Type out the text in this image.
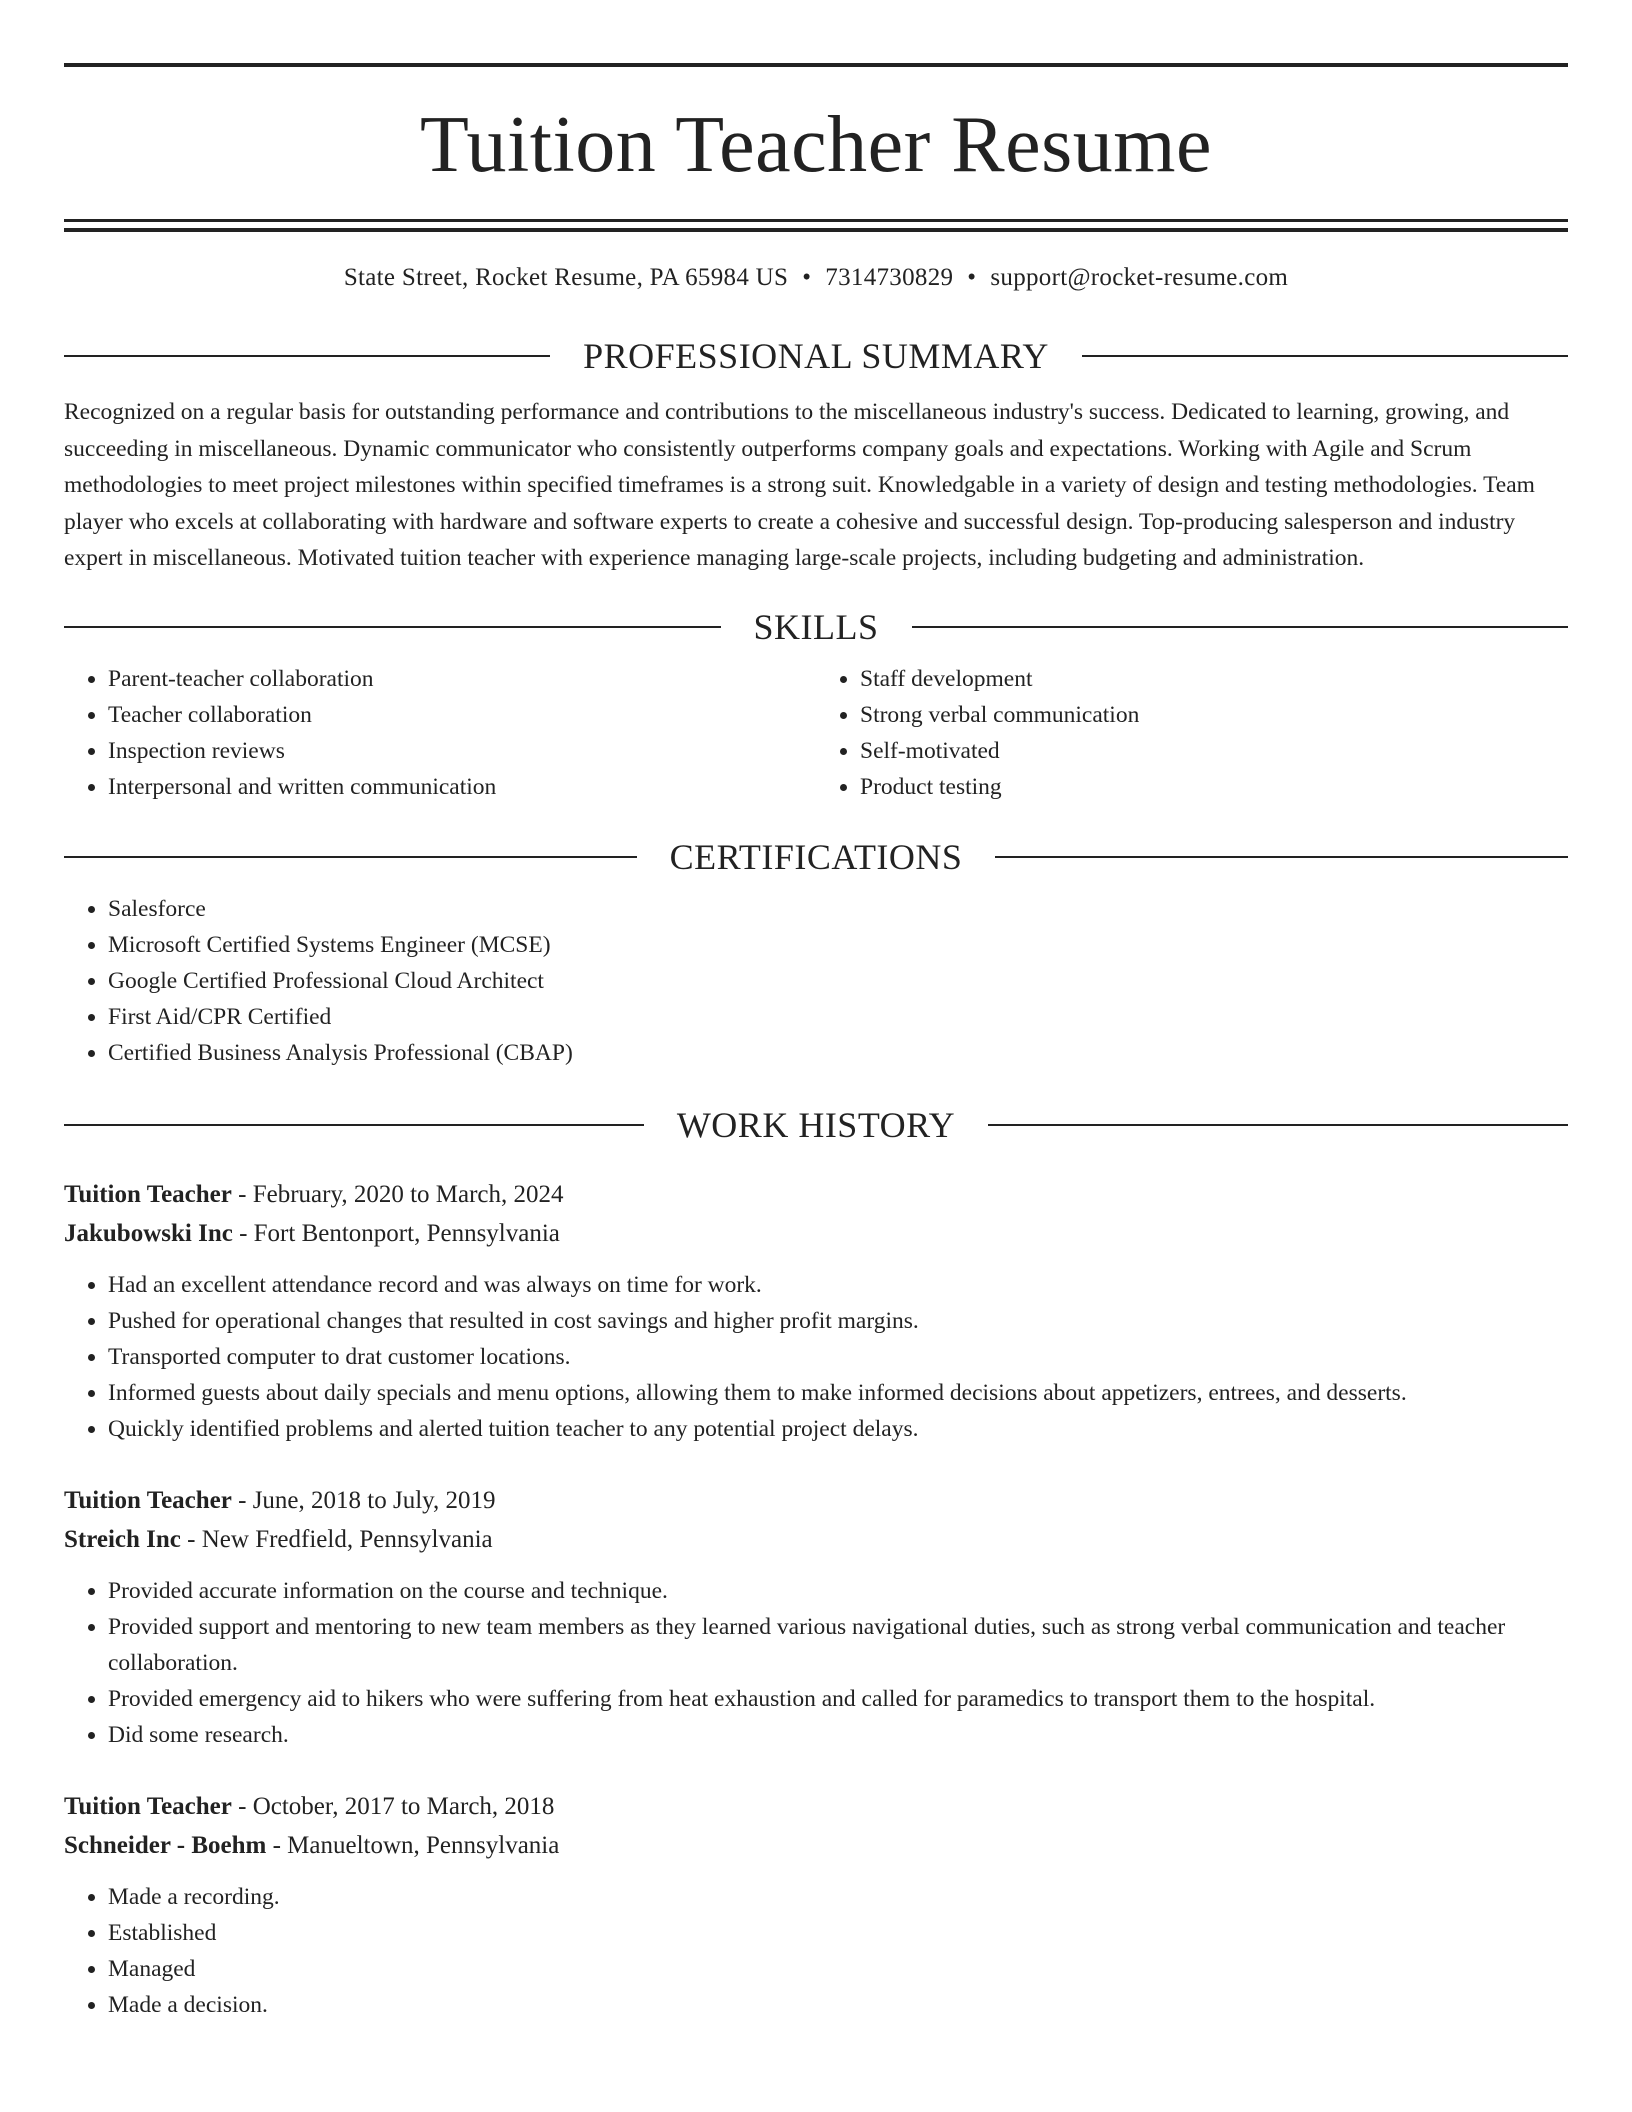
Tuition Teacher Resume
State Street, Rocket Resume, PA 65984 US • 7314730829 • support@rocket-resume.com
PROFESSIONAL SUMMARY
Recognized on a regular basis for outstanding performance and contributions to the miscellaneous industry's success. Dedicated to learning, growing, and succeeding in miscellaneous. Dynamic communicator who consistently outperforms company goals and expectations. Working with Agile and Scrum methodologies to meet project milestones within specified timeframes is a strong suit. Knowledgable in a variety of design and testing methodologies. Team player who excels at collaborating with hardware and software experts to create a cohesive and successful design. Top-producing salesperson and industry expert in miscellaneous. Motivated tuition teacher with experience managing large-scale projects, including budgeting and administration.
SKILLS
• Parent-teacher collaboration
• Teacher collaboration
• Inspection reviews
• Interpersonal and written communication
• Staff development
• Strong verbal communication
• Self-motivated
• Product testing
CERTIFICATIONS
• Salesforce
• Microsoft Certified Systems Engineer (MCSE)
• Google Certified Professional Cloud Architect
• First Aid/CPR Certified
• Certified Business Analysis Professional (CBAP)
WORK HISTORY
Tuition Teacher - February, 2020 to March, 2024
Jakubowski Inc - Fort Bentonport, Pennsylvania
• Had an excellent attendance record and was always on time for work.
• Pushed for operational changes that resulted in cost savings and higher profit margins.
• Transported computer to drat customer locations.
• Informed guests about daily specials and menu options, allowing them to make informed decisions about appetizers, entrees, and desserts.
• Quickly identified problems and alerted tuition teacher to any potential project delays.
Tuition Teacher - June, 2018 to July, 2019
Streich Inc - New Fredfield, Pennsylvania
• Provided accurate information on the course and technique.
• Provided support and mentoring to new team members as they learned various navigational duties, such as strong verbal communication and teacher collaboration.
• Provided emergency aid to hikers who were suffering from heat exhaustion and called for paramedics to transport them to the hospital.
• Did some research.
Tuition Teacher - October, 2017 to March, 2018
Schneider - Boehm - Manueltown, Pennsylvania
• Made a recording.
• Established
• Managed
• Made a decision.
